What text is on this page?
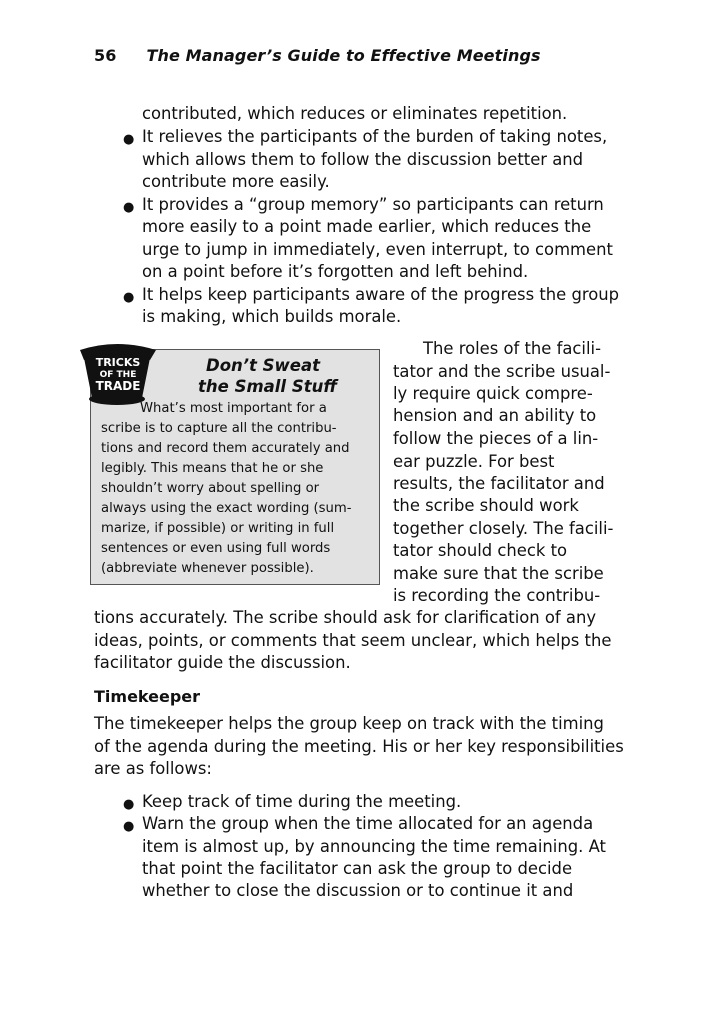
56 The Manager’s Guide to Effective Meetings
contributed, which reduces or eliminates repetition.
● It relieves the participants of the burden of taking notes,
which allows them to follow the discussion better and
contribute more easily.
● It provides a “group memory” so participants can return
more easily to a point made earlier, which reduces the
urge to jump in immediately, even interrupt, to comment
on a point before it’s forgotten and left behind.
● It helps keep participants aware of the progress the group
is making, which builds morale.
TRICKS
OF THE
TRADE
Don’t Sweat
the Small Stuff
What’s most important for a
scribe is to capture all the contribu-
tions and record them accurately and
legibly. This means that he or she
shouldn’t worry about spelling or
always using the exact wording (sum-
marize, if possible) or writing in full
sentences or even using full words
(abbreviate whenever possible).
The roles of the facili-
tator and the scribe usual-
ly require quick compre-
hension and an ability to
follow the pieces of a lin-
ear puzzle. For best
results, the facilitator and
the scribe should work
together closely. The facili-
tator should check to
make sure that the scribe
is recording the contribu-
tions accurately. The scribe should ask for clarification of any
ideas, points, or comments that seem unclear, which helps the
facilitator guide the discussion.
Timekeeper
The timekeeper helps the group keep on track with the timing
of the agenda during the meeting. His or her key responsibilities
are as follows:
● Keep track of time during the meeting.
● Warn the group when the time allocated for an agenda
item is almost up, by announcing the time remaining. At
that point the facilitator can ask the group to decide
whether to close the discussion or to continue it and
